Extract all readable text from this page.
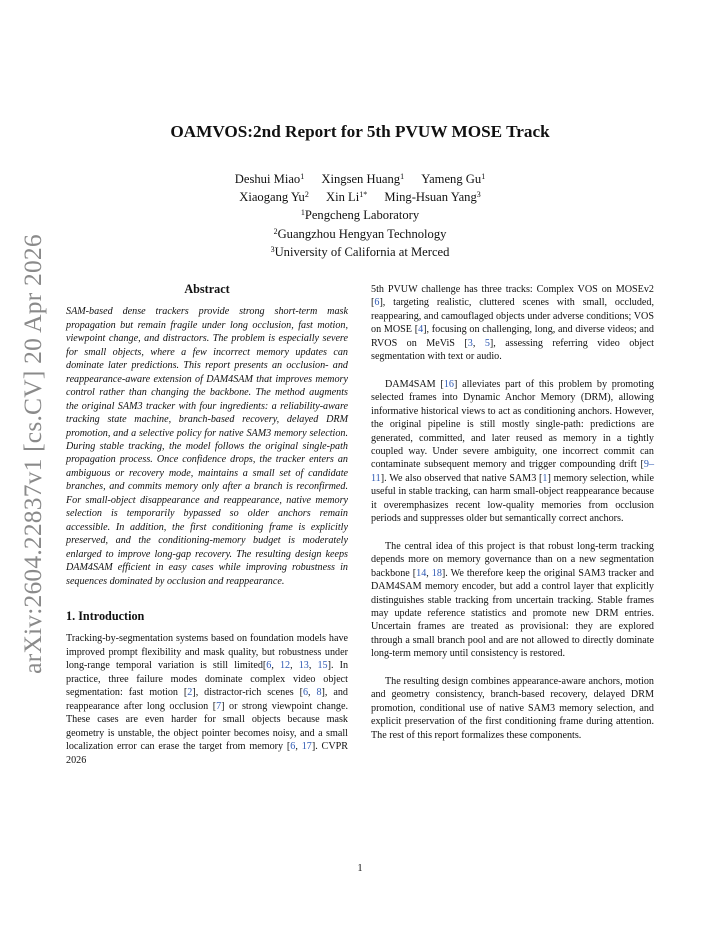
arXiv:2604.22837v1 [cs.CV] 20 Apr 2026
OAMVOS:2nd Report for 5th PVUW MOSE Track
Deshui Miao$^1$ Xingsen Huang$^1$ Yameng Gu$^1$
Xiaogang Yu$^2$ Xin $Li^{1*}$ Ming-Hsuan Yang$^3$
$^1$Pengcheng Laboratory
$^2$Guangzhou Hengyan Technology
$^3$University of California at Merced
Abstract

SAM-based dense trackers provide strong short-term mask propagation but remain fragile under long occlusion, fast motion, viewpoint change, and distractors. The problem is especially severe for small objects, where a few incorrect memory updates can dominate later predictions. This report presents an occlusion- and reappearance-aware extension of DAM4SAM that improves memory control rather than changing the backbone. The method augments the original SAM3 tracker with four ingredients: a reliability-aware tracking state machine, branch-based recovery, delayed DRM promotion, and a selective policy for native SAM3 memory selection. During stable tracking, the model follows the original single-path propagation process. Once confidence drops, the tracker enters an ambiguous or recovery mode, maintains a small set of candidate branches, and commits memory only after a branch is reconfirmed. For small-object disappearance and reappearance, native memory selection is temporarily bypassed so older anchors remain accessible. In addition, the first conditioning frame is explicitly preserved, and the conditioning-memory budget is moderately enlarged to improve long-gap recovery. The resulting design keeps DAM4SAM efficient in easy cases while improving robustness in sequences dominated by occlusion and reappearance.

1. Introduction

Tracking-by-segmentation systems based on foundation models have improved prompt flexibility and mask quality, but robustness under long-range temporal variation is still limited[6, 12, 13, 15]. In practice, three failure modes dominate complex video object segmentation: fast motion [2], distractor-rich scenes [6, 8], and reappearance after long occlusion [7] or strong viewpoint change. These cases are even harder for small objects because mask geometry is unstable, the object pointer becomes noisy, and a small localization error can erase the target from memory [6, 17]. CVPR 2026

5th PVUW challenge has three tracks: Complex VOS on MOSEv2 [6], targeting realistic, cluttered scenes with small, occluded, reappearing, and camouflaged objects under adverse conditions; VOS on MOSE [4], focusing on challenging, long, and diverse videos; and RVOS on MeViS [3, 5], assessing referring video object segmentation with text or audio.

DAM4SAM [16] alleviates part of this problem by promoting selected frames into Dynamic Anchor Memory (DRM), allowing informative historical views to act as conditioning anchors. However, the original pipeline is still mostly single-path: predictions are generated, committed, and later reused as memory in a tightly coupled way. Under severe ambiguity, one incorrect commit can contaminate subsequent memory and trigger compounding drift [9–11]. We also observed that native SAM3 [1] memory selection, while useful in stable tracking, can harm small-object reappearance because it overemphasizes recent low-quality memories from occlusion periods and suppresses older but semantically correct anchors.

The central idea of this project is that robust long-term tracking depends more on memory governance than on a new segmentation backbone [14, 18]. We therefore keep the original SAM3 tracker and DAM4SAM memory encoder, but add a control layer that explicitly distinguishes stable tracking from uncertain tracking. Stable frames may update reference statistics and promote new DRM entries. Uncertain frames are treated as provisional: they are explored through a small branch pool and are not allowed to directly dominate long-term memory until consistency is restored.

The resulting design combines appearance-aware anchors, motion and geometry consistency, branch-based recovery, delayed DRM promotion, conditional use of native SAM3 memory selection, and explicit preservation of the first conditioning frame during attention. The rest of this report formalizes these components.

1
